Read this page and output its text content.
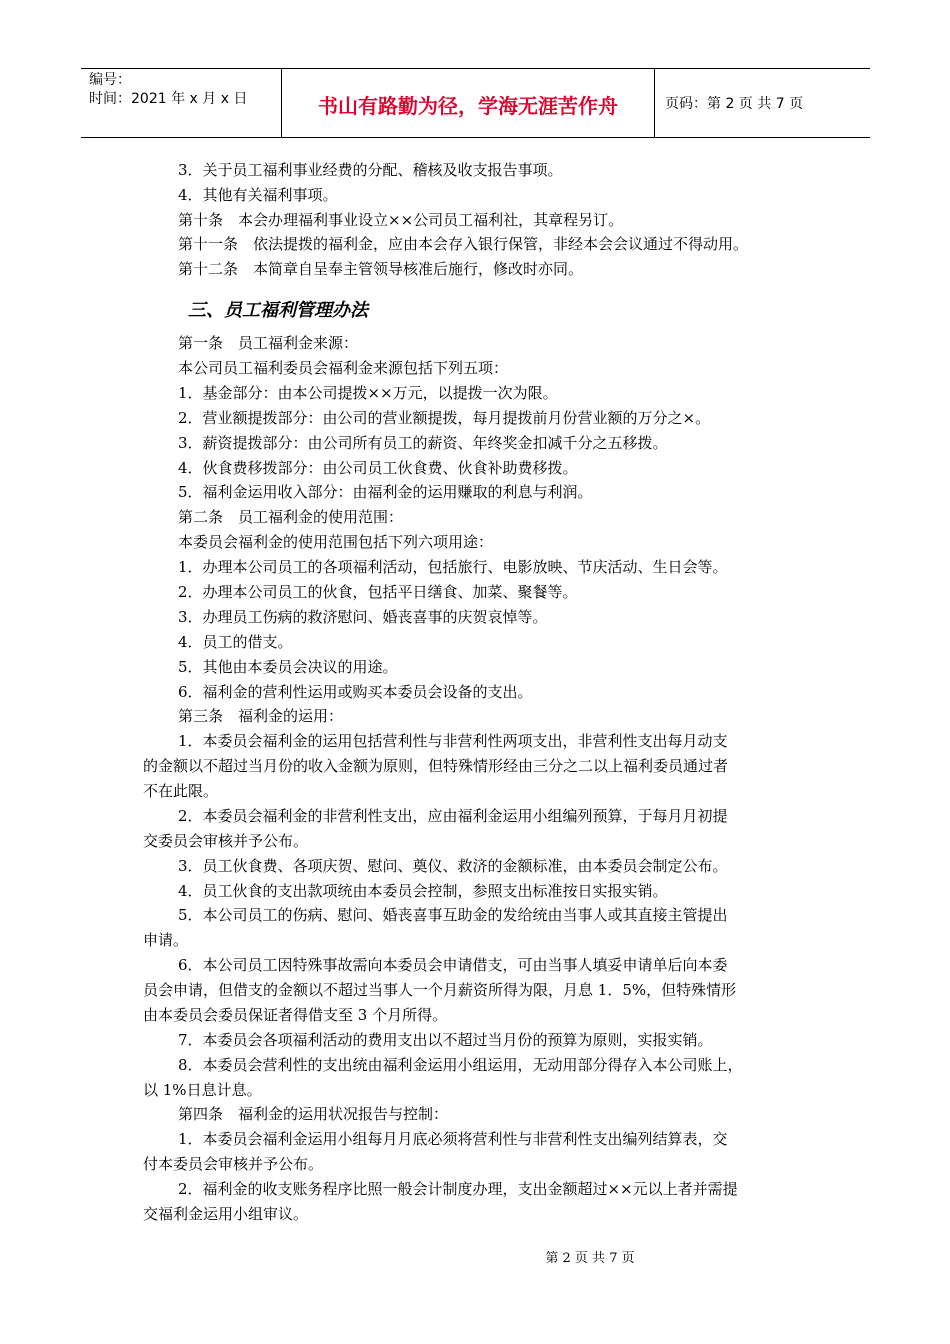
编号：
时间：2021 年 x 月 x 日	书山有路勤为径，学海无涯苦作舟	页码：第 2 页 共 7 页
3．关于员工福利事业经费的分配、稽核及收支报告事项。
4．其他有关福利事项。
第十条　本会办理福利事业设立××公司员工福利社，其章程另订。
第十一条　依法提拨的福利金，应由本会存入银行保管，非经本会会议通过不得动用。
第十二条　本简章自呈奉主管领导核准后施行，修改时亦同。
三、员工福利管理办法
第一条　员工福利金来源：
本公司员工福利委员会福利金来源包括下列五项：
1．基金部分：由本公司提拨××万元，以提拨一次为限。
2．营业额提拨部分：由公司的营业额提拨，每月提拨前月份营业额的万分之×。
3．薪资提拨部分：由公司所有员工的薪资、年终奖金扣减千分之五移拨。
4．伙食费移拨部分：由公司员工伙食费、伙食补助费移拨。
5．福利金运用收入部分：由福利金的运用赚取的利息与利润。
第二条　员工福利金的使用范围：
本委员会福利金的使用范围包括下列六项用途：
1．办理本公司员工的各项福利活动，包括旅行、电影放映、节庆活动、生日会等。
2．办理本公司员工的伙食，包括平日缮食、加菜、聚餐等。
3．办理员工伤病的救济慰问、婚丧喜事的庆贺哀悼等。
4．员工的借支。
5．其他由本委员会决议的用途。
6．福利金的营利性运用或购买本委员会设备的支出。
第三条　福利金的运用：
1．本委员会福利金的运用包括营利性与非营利性两项支出，非营利性支出每月动支
的金额以不超过当月份的收入金额为原则，但特殊情形经由三分之二以上福利委员通过者
不在此限。
2．本委员会福利金的非营利性支出，应由福利金运用小组编列预算，于每月月初提
交委员会审核并予公布。
3．员工伙食费、各项庆贺、慰问、奠仪、救济的金额标准，由本委员会制定公布。
4．员工伙食的支出款项统由本委员会控制，参照支出标准按日实报实销。
5．本公司员工的伤病、慰问、婚丧喜事互助金的发给统由当事人或其直接主管提出
申请。
6．本公司员工因特殊事故需向本委员会申请借支，可由当事人填妥申请单后向本委
员会申请，但借支的金额以不超过当事人一个月薪资所得为限，月息 1．5%，但特殊情形
由本委员会委员保证者得借支至 3 个月所得。
7．本委员会各项福利活动的费用支出以不超过当月份的预算为原则，实报实销。
8．本委员会营利性的支出统由福利金运用小组运用，无动用部分得存入本公司账上，
以 1%日息计息。
第四条　福利金的运用状况报告与控制：
1．本委员会福利金运用小组每月月底必须将营利性与非营利性支出编列结算表，交
付本委员会审核并予公布。
2．福利金的收支账务程序比照一般会计制度办理，支出金额超过××元以上者并需提
交福利金运用小组审议。
第 2 页 共 7 页
